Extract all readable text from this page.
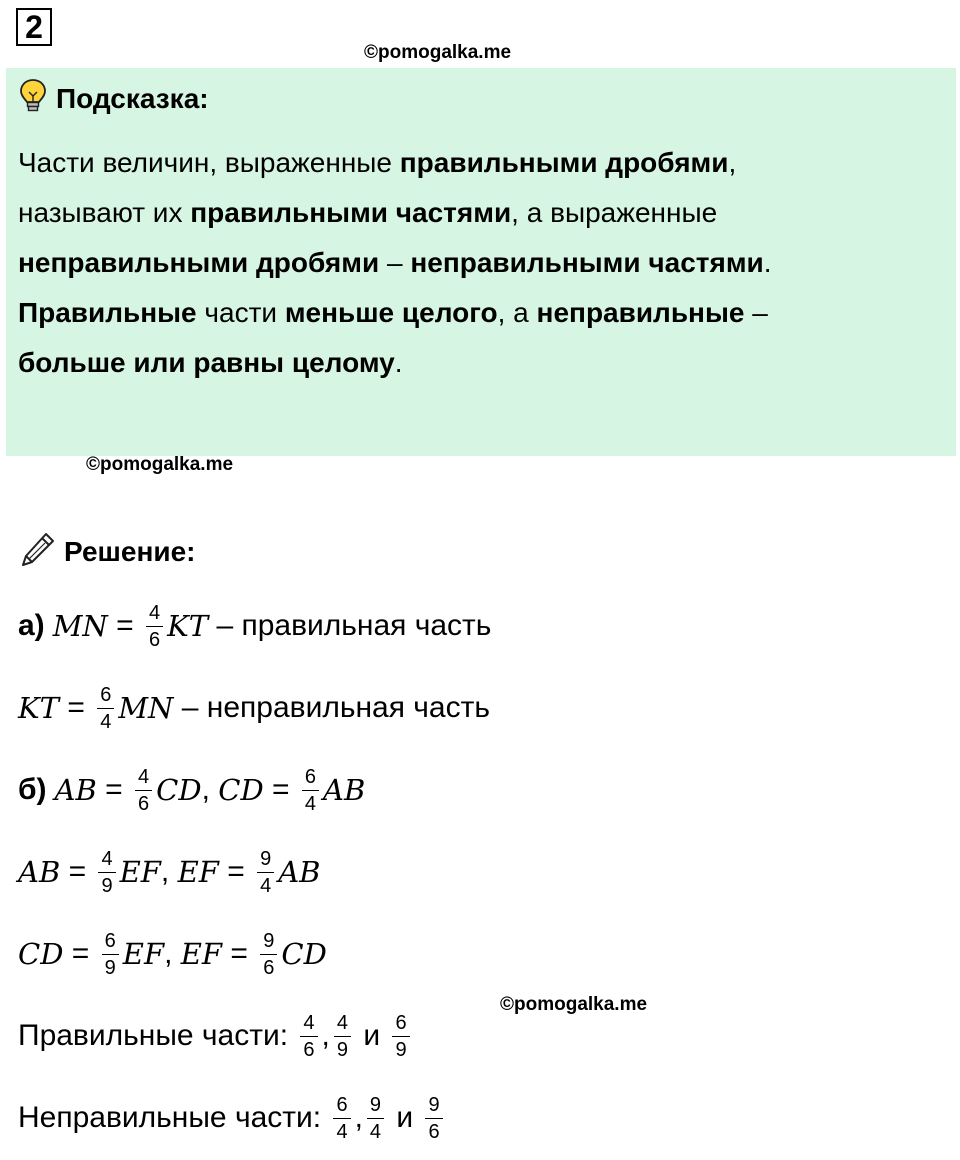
2
©pomogalka.me
Подсказка:

Части величин, выраженные правильными дробями,

называют их правильными частями, а выраженные

неправильными дробями – неправильными частями.

Правильные части меньше целого, а неправильные –

больше или равны целому.

©pomogalka.me
Решение:
а) MN = $\frac{4}{6}$ KT – правильная часть
KT = $\frac{6}{4}$ MN – неправильная часть
б) AB = $\frac{4}{6}$ CD , CD = $\frac{6}{4}$ AB
AB = $\frac{4}{9}$ EF , EF = $\frac{9}{4}$ AB
CD = $\frac{6}{9}$ EF , EF = $\frac{9}{6}$ CD
Правильные части: $\frac{4}{6}$ , $\frac{4}{9}$ и $\frac{6}{9}$
Неправильные части: $\frac{6}{4}$ , $\frac{9}{4}$ и $\frac{9}{6}$
©pomogalka.me
